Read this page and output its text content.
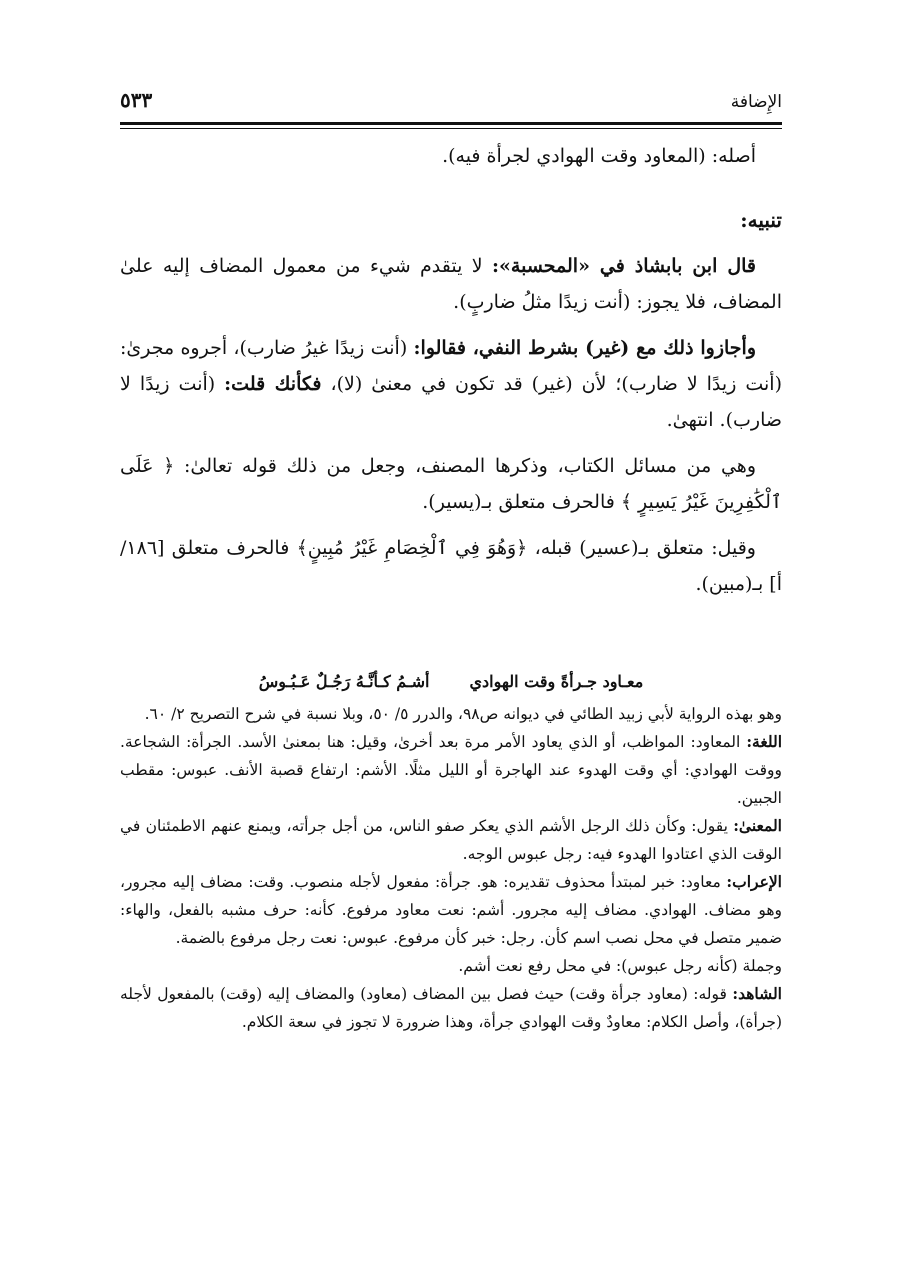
الإِضافة
٥٣٣

أصله: (المعاود وقت الهوادي لجرأة فيه).

تنبيه:

قال ابن بابشاذ في «المحسبة»: لا يتقدم شيء من معمول المضاف إليه علىٰ المضاف، فلا يجوز: (أنت زيدًا مثلُ ضاربٍ).

وأجازوا ذلك مع (غير) بشرط النفي، فقالوا: (أنت زيدًا غيرُ ضارب)، أجروه مجرىٰ: (أنت زيدًا لا ضارب)؛ لأن (غير) قد تكون في معنىٰ (لا)، فكأنك قلت: (أنت زيدًا لا ضارب). انتهىٰ.

وهي من مسائل الكتاب، وذكرها المصنف، وجعل من ذلك قوله تعالىٰ: ﴿ عَلَى ٱلْكَٰفِرِينَ غَيْرُ يَسِيرٍ ﴾ فالحرف متعلق بـ(يسير).

وقيل: متعلق بـ(عسير) قبله، ﴿وَهُوَ فِي ٱلْخِصَامِ غَيْرُ مُبِينٍ﴾ فالحرف متعلق [١٨٦/ أ] بـ(مبين).

معـاود جـرأةً وقت الهواديأشـمُ كـأنَّـهُ رَجُـلٌ عَـبُـوسُ

وهو بهذه الرواية لأبي زبيد الطائي في ديوانه ص٩٨، والدرر ٥/ ٥٠، وبلا نسبة في شرح التصريح ٢/ ٦٠.

اللغة: المعاود: المواظب، أو الذي يعاود الأمر مرة بعد أخرىٰ، وقيل: هنا بمعنىٰ الأسد. الجرأة: الشجاعة. ووقت الهوادي: أي وقت الهدوء عند الهاجرة أو الليل مثلًا. الأشم: ارتفاع قصبة الأنف. عبوس: مقطب الجبين.

المعنىٰ: يقول: وكأن ذلك الرجل الأشم الذي يعكر صفو الناس، من أجل جرأته، ويمنع عنهم الاطمئنان في الوقت الذي اعتادوا الهدوء فيه: رجل عبوس الوجه.

الإعراب: معاود: خبر لمبتدأ محذوف تقديره: هو. جرأة: مفعول لأجله منصوب. وقت: مضاف إليه مجرور، وهو مضاف. الهوادي. مضاف إليه مجرور. أشم: نعت معاود مرفوع. كأنه: حرف مشبه بالفعل، والهاء: ضمير متصل في محل نصب اسم كأن. رجل: خبر كأن مرفوع. عبوس: نعت رجل مرفوع بالضمة.

وجملة (كأنه رجل عبوس): في محل رفع نعت أشم.

الشاهد: قوله: (معاود جرأة وقت) حيث فصل بين المضاف (معاود) والمضاف إليه (وقت) بالمفعول لأجله (جرأة)، وأصل الكلام: معاودٌ وقت الهوادي جرأة، وهذا ضرورة لا تجوز في سعة الكلام.
